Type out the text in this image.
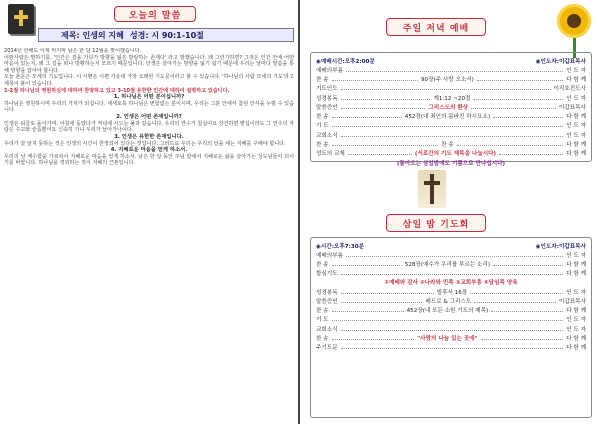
오늘의 말씀
제목: 인생의 지혜 성경: 시 90:1-10절

2014년 한해도 이제 마지막 남은 한 달 12월을 맞이했습니다.

어떤사람은 말하기를, '인간은 걸을 가다가 방향을 잃은 방랑하는 존재다' 라고 말했습니다. 왜 그런가하면? 그것은 인간 안에 어떤 마음이 있는지, 왜 그 길을 떠나 방황하는지 모르기 때문입니다. 인생은 살아가는 방향을 잃기 쉽기 때문에 우리는 날마다 말씀을 통해 방향을 잡아야 합니다.

오늘 본문은 모세의 기도입니다. 이 시편은 시편 가운데 가장 오래된 기도문이라고 할 수 있습니다. '하나님의 사람 모세의 기도'라고 제목이 붙어 있습니다.

1-2절 하나님의 영원하심에 대하여 찬양하고 있고 3-10절 유한한 인간에 대하여 설명하고 있습니다.

1. 하나님은 어떤 분이십니까?

하나님은 영원하시며 우리의 거처가 되십니다. 세세토록 하나님은 변함없는 분이시며, 우리는 그분 안에서 참된 안식을 누릴 수 있습니다.

2. 인생은 어떤 존재입니까?

인생은 티끌로 돌아가며, 아침에 돋았다가 저녁에 시드는 풀과 같습니다. 우리의 연수가 칠십이요 강건하면 팔십이라도 그 연수의 자랑은 수고와 슬픔뿐이요 신속히 가니 우리가 날아가나이다.

3. 인생은 유한한 존재입니다.

우리가 잘 알지 못하는 것은 인생의 시간이 한정되어 있다는 것입니다. 그러므로 우리는 우리의 날을 세는 지혜를 구해야 합니다.

4. 지혜로운 마음을 얻게 하소서.

우리의 날 계수함을 가르치사 지혜로운 마음을 얻게 하소서. 남은 한 달 동안 주님 앞에서 지혜로운 삶을 살아가는 성도님들이 되시기를 바랍니다. 하나님을 경외하는 것이 지혜의 근본입니다.

주일 저녁 예배
◉예배시간:오후2:00분	◉인도자:이갑표목사
예배의부름	인 도 자
찬 송	90장(주 사랑 오소서)	다 함 께
기도인도	이직호전도사
성경봉독	계1:12 ~20절	인 도 자
말씀증언	그리스도의 환상	이갑표목사
찬 송	452장(내 죄인의 몸바친 하시요소)	다 함 께
기 도	인 도 자
교회소식	인 도 자
찬 송	찬 송	다 함 께
성도의 교제	(서로간의 기도 제목을 나눕시다)	다 함 께
(돌아오는 삼일밤에도 기쁨으로 만나십시다)
삼일 밤 기도회
◉시간:오후7:30분	◉인도자:이갑표목사
예배의부름	인 도 자
찬 송	528장(예수가 우리를 부르는 소리)	다 함 께
합심기도	다 함 께
①예배와 감사 ②나라와 민족 ③교회부흥 ④담임목 양육
성경봉독	빌후서 16장	인 도 자
말씀증언	베드로 & 그리스도	이갑표목사
찬 송	452장(내 모든 소원 기도의 제목)	다 함 께
기 도	인 도 자
교회소식	인 도 자
찬 송	"사랑의 나눔 있는 곳에"	다 함 께
주기도문	다 함 께
